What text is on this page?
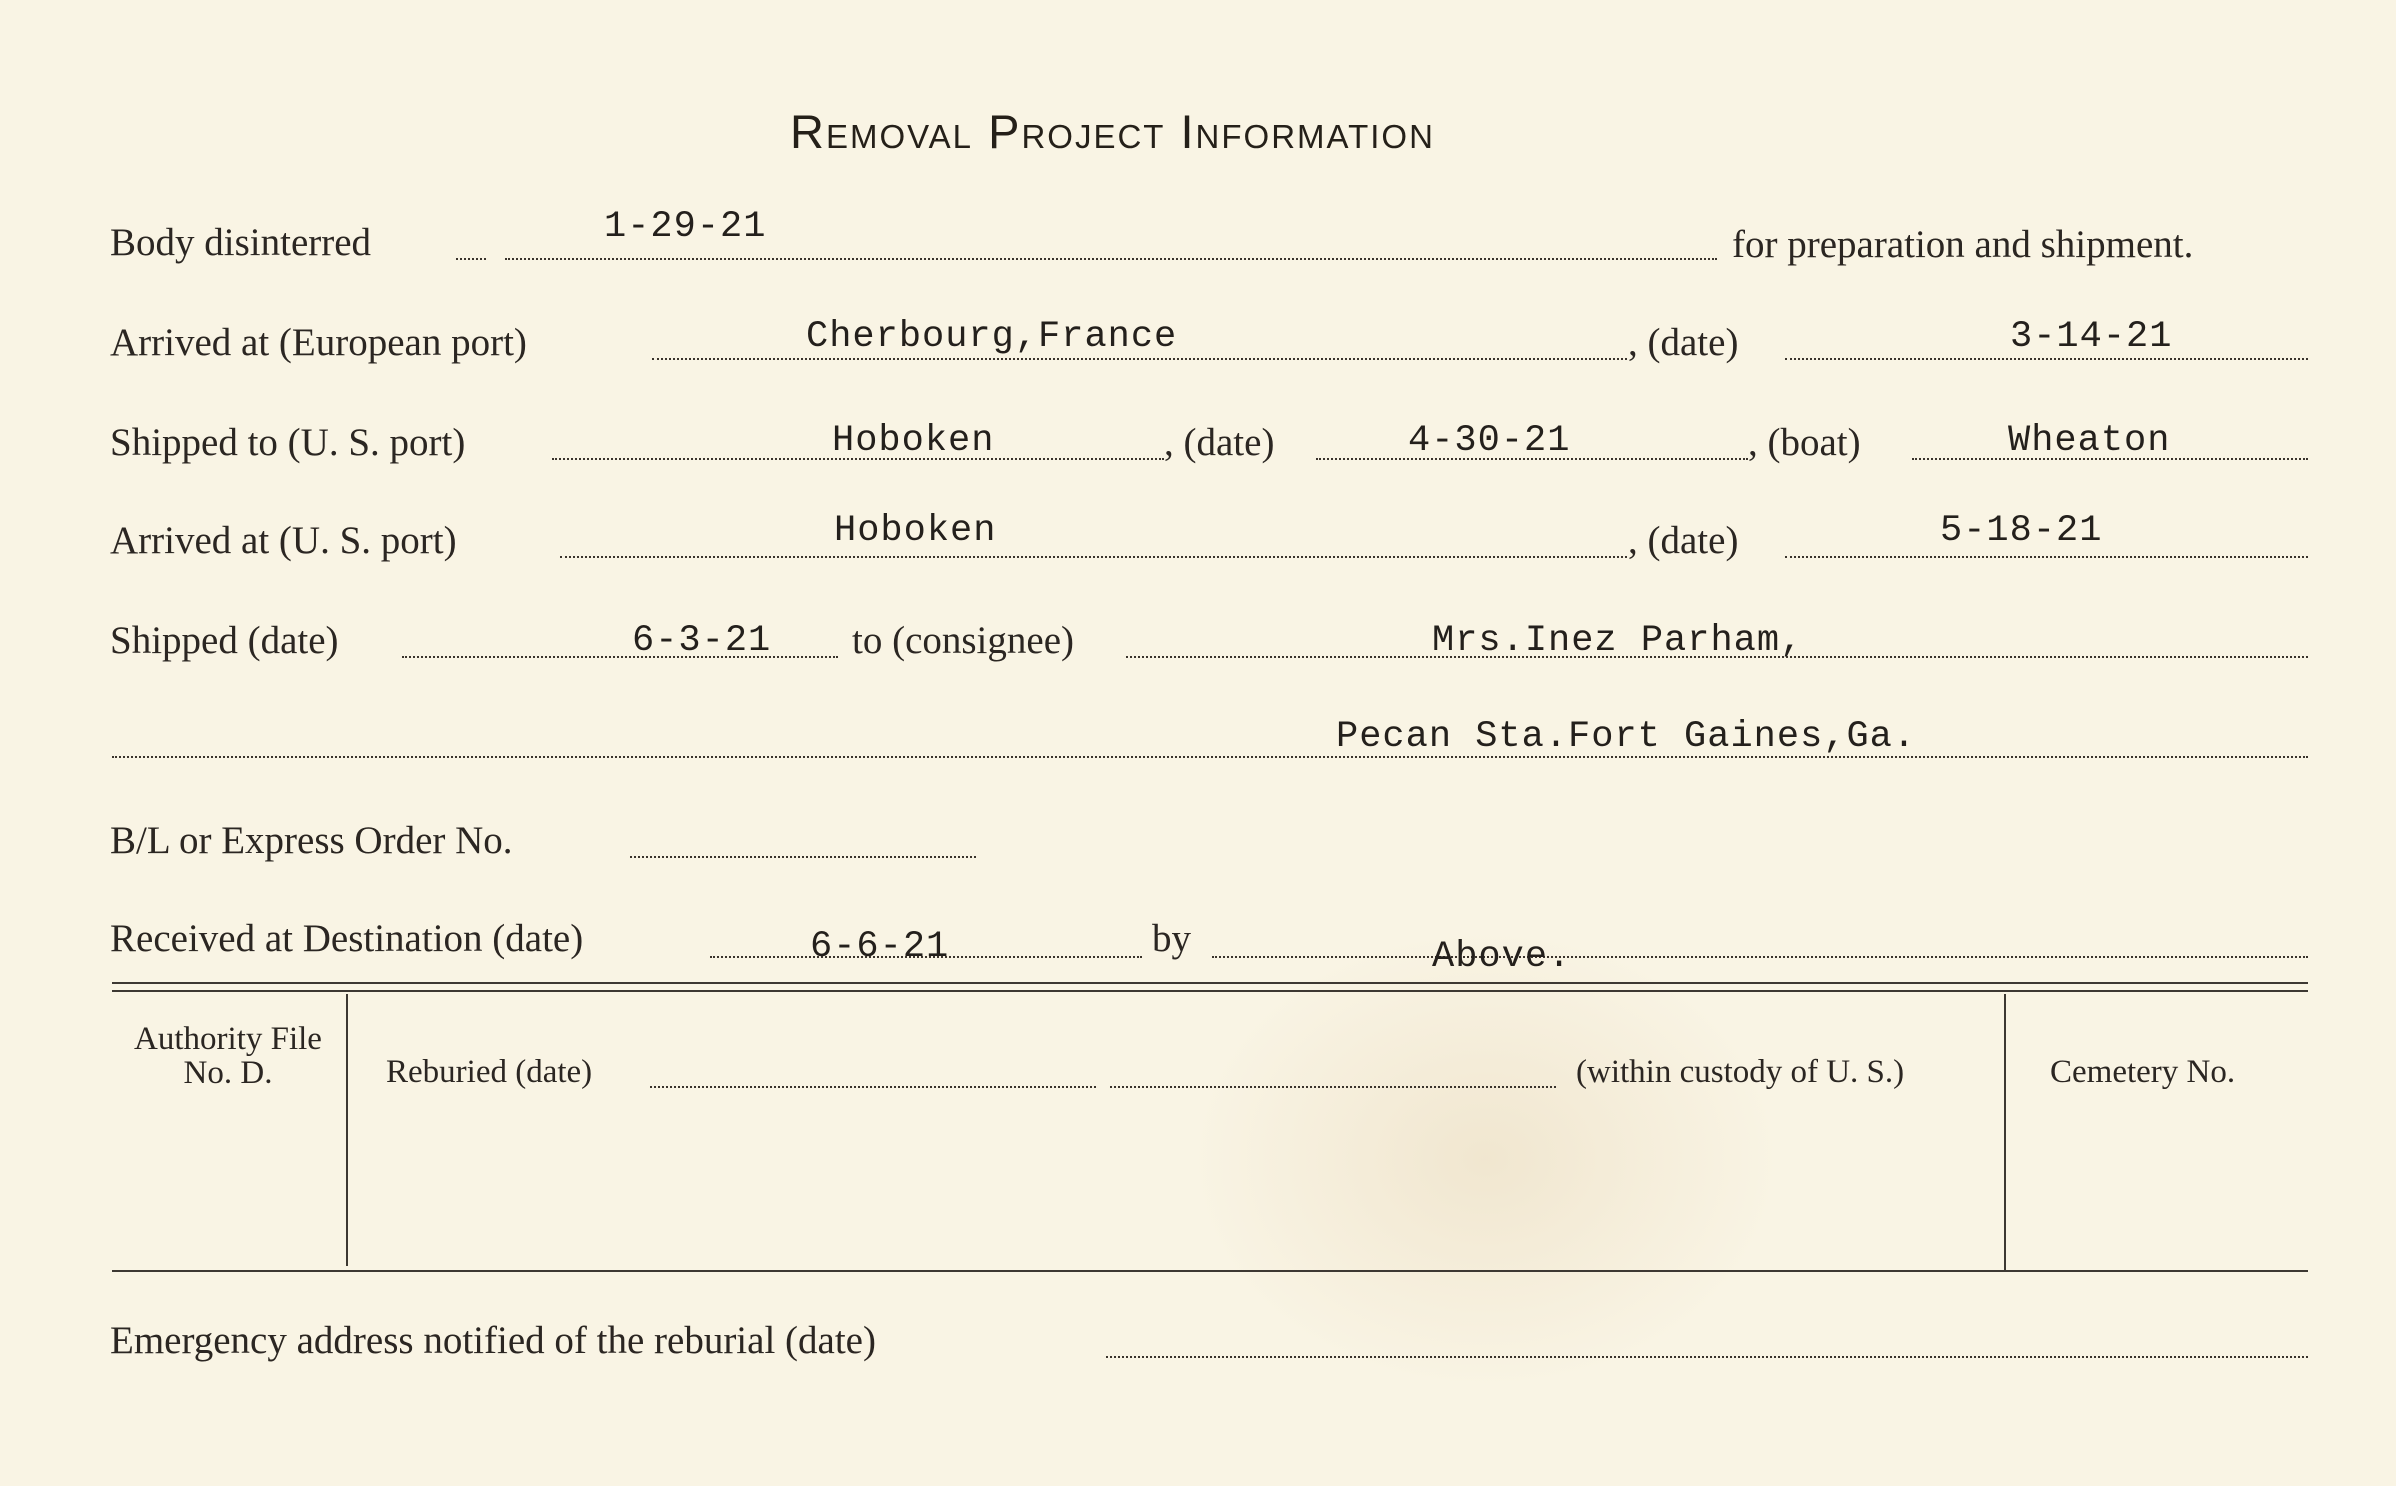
Removal Project Information
Body disinterred	1-29-21	for preparation and shipment.
Arrived at (European port)	Cherbourg,France	, (date)	3-14-21
Shipped to (U. S. port)	Hoboken	, (date)	4-30-21	, (boat)	Wheaton
Arrived at (U. S. port)	Hoboken	, (date)	5-18-21
Shipped (date)	6-3-21 to (consignee)	Mrs.Inez Parham,
Pecan Sta.Fort Gaines,Ga.
B/L or Express Order No.
Received at Destination (date)	6-6-21	by	Above.
Authority File No. D.	Reburied (date)	(within custody of U. S.)	Cemetery No.
Emergency address notified of the reburial (date)
